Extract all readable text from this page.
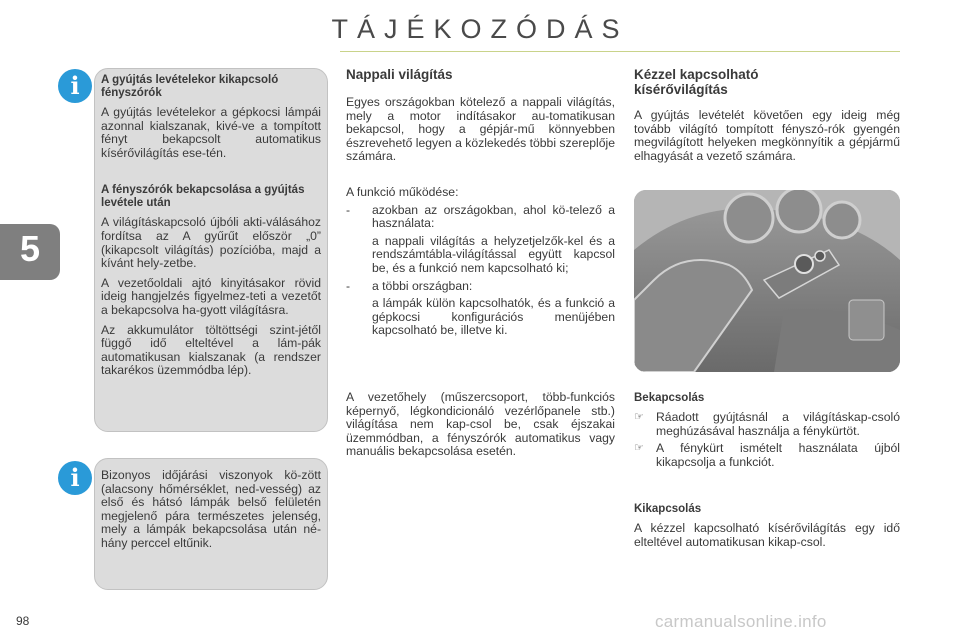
TÁJÉKOZÓDÁS
5
i	A gyújtás levételekor kikapcsoló fényszórók

A gyújtás levételekor a gépkocsi lámpái azonnal kialszanak, kivé-ve a tompított fényt bekapcsolt automatikus kísérővilágítás ese-tén.

A fényszórók bekapcsolása a gyújtás levétele után

A világításkapcsoló újbóli akti-válásához fordítsa az A gyűrűt először „0” (kikapcsolt világítás) pozícióba, majd a kívánt hely-zetbe.

A vezetőoldali ajtó kinyitásakor rövid ideig hangjelzés figyelmez-teti a vezetőt a bekapcsolva ha-gyott világításra.

Az akkumulátor töltöttségi szint-jétől függő idő elteltével a lám-pák automatikusan kialszanak (a rendszer takarékos üzemmódba lép).

i	Bizonyos időjárási viszonyok kö-zött (alacsony hőmérséklet, ned-vesség) az első és hátsó lámpák belső felületén megjelenő pára természetes jelenség, mely a lámpák bekapcsolása után né-hány perccel eltűnik.
Nappali világítás
Egyes országokban kötelező a nappali világítás, mely a motor indításakor au-tomatikusan bekapcsol, hogy a gépjár-mű könnyebben észrevehető legyen a közlekedés többi szereplője számára.
A funkció működése:
-	azokban az országokban, ahol kö-telező a használata:
a nappali világítás a helyzetjelzők-kel és a rendszámtábla-világítással együtt kapcsol be, és a funkció nem kapcsolható ki;
-	a többi országban:
a lámpák külön kapcsolhatók, és a funkció a gépkocsi konfigurációs menüjében kapcsolható be, illetve ki.
A vezetőhely (műszercsoport, több-funkciós képernyő, légkondicionáló vezérlőpanele stb.) világítása nem kap-csol be, csak éjszakai üzemmódban, a fényszórók automatikus vagy manuális bekapcsolása esetén.
Kézzel kapcsolható kísérővilágítás
A gyújtás levételét követően egy ideig még tovább világító tompított fényszó-rók gyengén megvilágított helyeken megkönnyítik a gépjármű elhagyását a vezető számára.
Bekapcsolás
☞ Ráadott gyújtásnál a világításkap-csoló meghúzásával használja a fénykürtöt.
☞ A fénykürt ismételt használata újból kikapcsolja a funkciót.
Kikapcsolás
A kézzel kapcsolható kísérővilágítás egy idő elteltével automatikusan kikap-csol.
98	carmanualsonline.info
